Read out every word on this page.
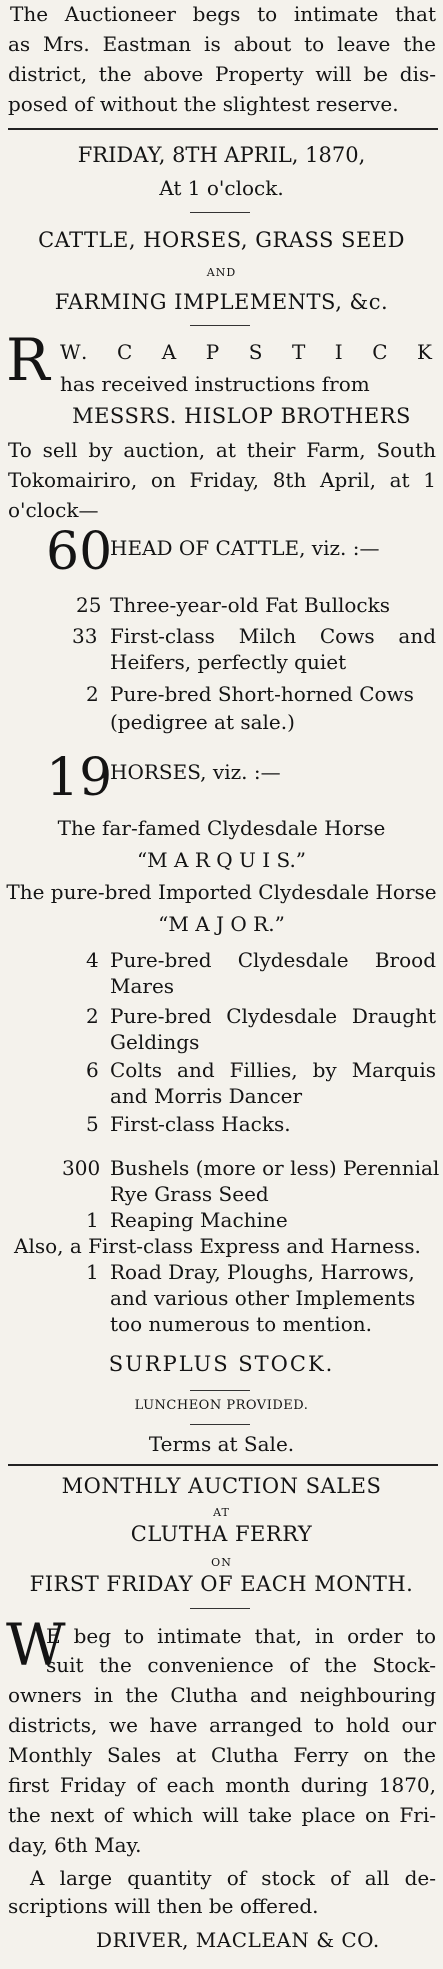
The Auctioneer begs to intimate that
as Mrs. Eastman is about to leave the
district, the above Property will be dis-
posed of without the slightest reserve.
FRIDAY, 8TH APRIL, 1870,
At 1 o'clock.
CATTLE, HORSES, GRASS SEED
AND
FARMING IMPLEMENTS, &c.
R W. C A P S T I C K
has received instructions from
MESSRS. HISLOP BROTHERS
To sell by auction, at their Farm, South
Tokomairiro, on Friday, 8th April, at 1
o'clock—
60
HEAD OF CATTLE, viz. :—
25 Three-year-old Fat Bullocks
33 First-class Milch Cows and
Heifers, perfectly quiet
2 Pure-bred Short-horned Cows
(pedigree at sale.)
19
HORSES, viz. :—
The far-famed Clydesdale Horse
“M A R Q U I S.”
The pure-bred Imported Clydesdale Horse
“M A J O R.”
4 Pure-bred Clydesdale Brood
Mares
2 Pure-bred Clydesdale Draught
Geldings
6 Colts and Fillies, by Marquis
and Morris Dancer
5 First-class Hacks.
300 Bushels (more or less) Perennial
Rye Grass Seed
1 Reaping Machine
Also, a First-class Express and Harness.
1 Road Dray, Ploughs, Harrows,
and various other Implements
too numerous to mention.
SURPLUS STOCK.
LUNCHEON PROVIDED.
Terms at Sale.
MONTHLY AUCTION SALES
AT
CLUTHA FERRY
ON
FIRST FRIDAY OF EACH MONTH.
W
E beg to intimate that, in order to
suit the convenience of the Stock-
owners in the Clutha and neighbouring
districts, we have arranged to hold our
Monthly Sales at Clutha Ferry on the
first Friday of each month during 1870,
the next of which will take place on Fri-
day, 6th May.
A large quantity of stock of all de-
scriptions will then be offered.
DRIVER, MACLEAN & CO.
